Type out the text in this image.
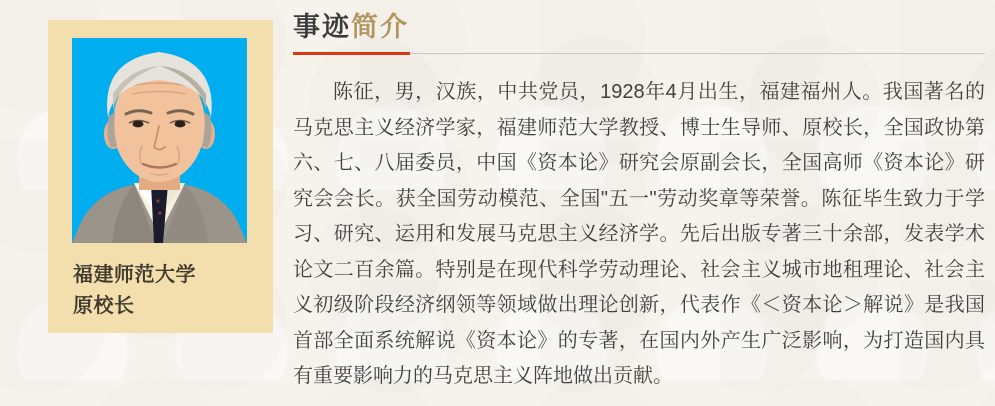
福建师范大学
原校长
事迹简介

陈征，男，汉族，中共党员，1928年4月出生，福建福州人。我国著名的马克思主义经济学家，福建师范大学教授、博士生导师、原校长，全国政协第六、七、八届委员，中国《资本论》研究会原副会长，全国高师《资本论》研究会会长。获全国劳动模范、全国"五一"劳动奖章等荣誉。陈征毕生致力于学习、研究、运用和发展马克思主义经济学。先后出版专著三十余部，发表学术论文二百余篇。特别是在现代科学劳动理论、社会主义城市地租理论、社会主义初级阶段经济纲领等领域做出理论创新，代表作《＜资本论＞解说》是我国首部全面系统解说《资本论》的专著，在国内外产生广泛影响，为打造国内具有重要影响力的马克思主义阵地做出贡献。
